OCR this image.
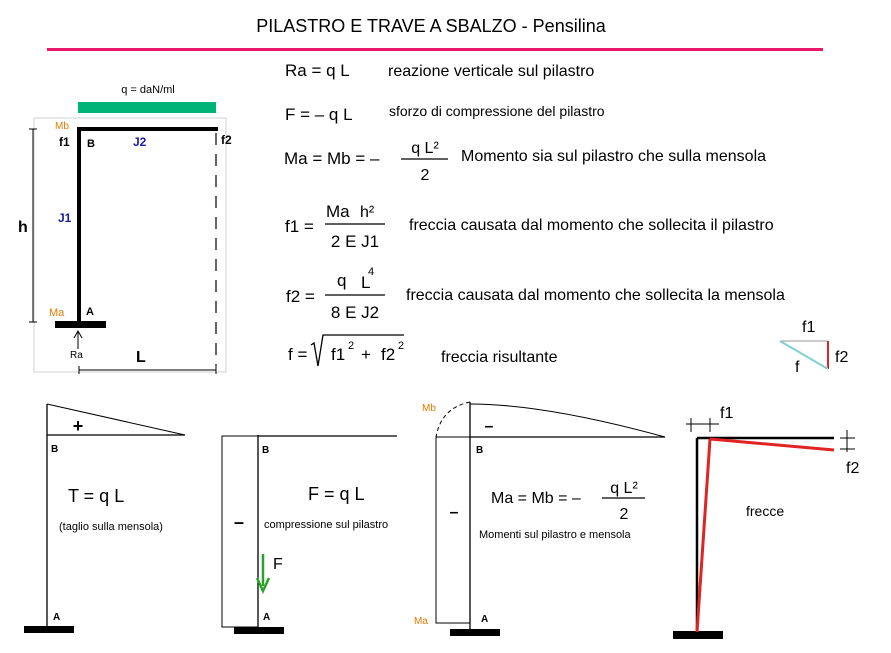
PILASTRO E TRAVE A SBALZO - Pensilina
q = daN/ml
Mb
f1 B	J2	f2
h
J1
Ma A
Ra	L
Ra = q L reazione verticale sul pilastro
F = – q L	sforzo di compressione del pilastro
Ma = Mb = –
q L²
2
Momento sia sul pilastro che sulla mensola
f1 =
Ma h²
2 E J1
freccia causata dal momento che sollecita il pilastro
f2 =
q L
4
8 E J2
freccia causata dal momento che sollecita la mensola
f = f1 2 + f2 2
freccia risultante
f1
f2
f
+
B
T = q L
(taglio sulla mensola)
A
B
F = q L
– compressione sul pilastro
F
A
Mb
–
B
Ma = Mb = –
q L²
2
–
Momenti sul pilastro e mensola
Ma	A
f1
f2
frecce
